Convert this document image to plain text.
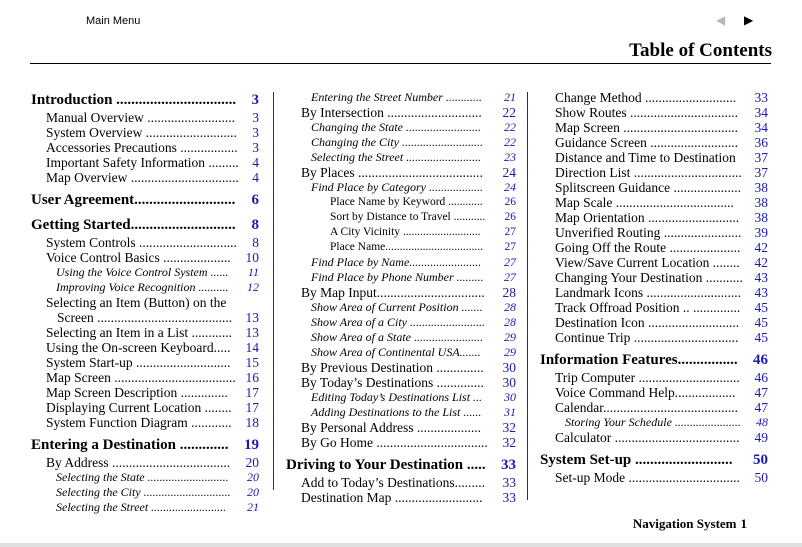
Main Menu	◀ ▶
Table of Contents
Introduction ................................ 3
Manual Overview .......................... 3
System Overview ........................... 3
Accessories Precautions ................. 3
Important Safety Information ......... 4
Map Overview ................................ 4
User Agreement........................... 6
Getting Started............................ 8
System Controls ............................. 8
Voice Control Basics .................... 10
Using the Voice Control System ...... 11
Improving Voice Recognition .......... 12
Selecting an Item (Button) on the
Screen ........................................ 13
Selecting an Item in a List ............ 13
Using the On-screen Keyboard..... 14
System Start-up ............................ 15
Map Screen .................................... 16
Map Screen Description .............. 17
Displaying Current Location ........ 17
System Function Diagram ............ 18
Entering a Destination ............. 19
By Address ................................... 20
Selecting the State ........................... 20
Selecting the City ............................. 20
Selecting the Street ......................... 21
Entering the Street Number ............ 21
By Intersection ............................ 22
Changing the State ......................... 22
Changing the City ........................... 22
Selecting the Street ......................... 23
By Places ..................................... 24
Find Place by Category .................. 24
Place Name by Keyword ............ 26
Sort by Distance to Travel ........... 26
A City Vicinity ........................... 27
Place Name.................................. 27
Find Place by Name........................ 27
Find Place by Phone Number ......... 27
By Map Input................................ 28
Show Area of Current Position ....... 28
Show Area of a City ......................... 28
Show Area of a State ....................... 29
Show Area of Continental USA....... 29
By Previous Destination .............. 30
By Today’s Destinations .............. 30
Editing Today’s Destinations List ... 30
Adding Destinations to the List ...... 31
By Personal Address ................... 32
By Go Home ................................. 32
Driving to Your Destination ..... 33
Add to Today’s Destinations......... 33
Destination Map .......................... 33
Change Method ........................... 33
Show Routes ................................ 34
Map Screen .................................. 34
Guidance Screen .......................... 36
Distance and Time to Destination 37
Direction List ................................ 37
Splitscreen Guidance .................... 38
Map Scale ................................... 38
Map Orientation ........................... 38
Unverified Routing ....................... 39
Going Off the Route ..................... 42
View/Save Current Location ........ 42
Changing Your Destination ........... 43
Landmark Icons ............................ 43
Track Offroad Position .. .............. 45
Destination Icon ........................... 45
Continue Trip ............................... 45
Information Features................ 46
Trip Computer .............................. 46
Voice Command Help.................. 47
Calendar........................................ 47
Storing Your Schedule ...................... 48
Calculator ..................................... 49
System Set-up .......................... 50
Set-up Mode ................................. 50
Navigation System 1
